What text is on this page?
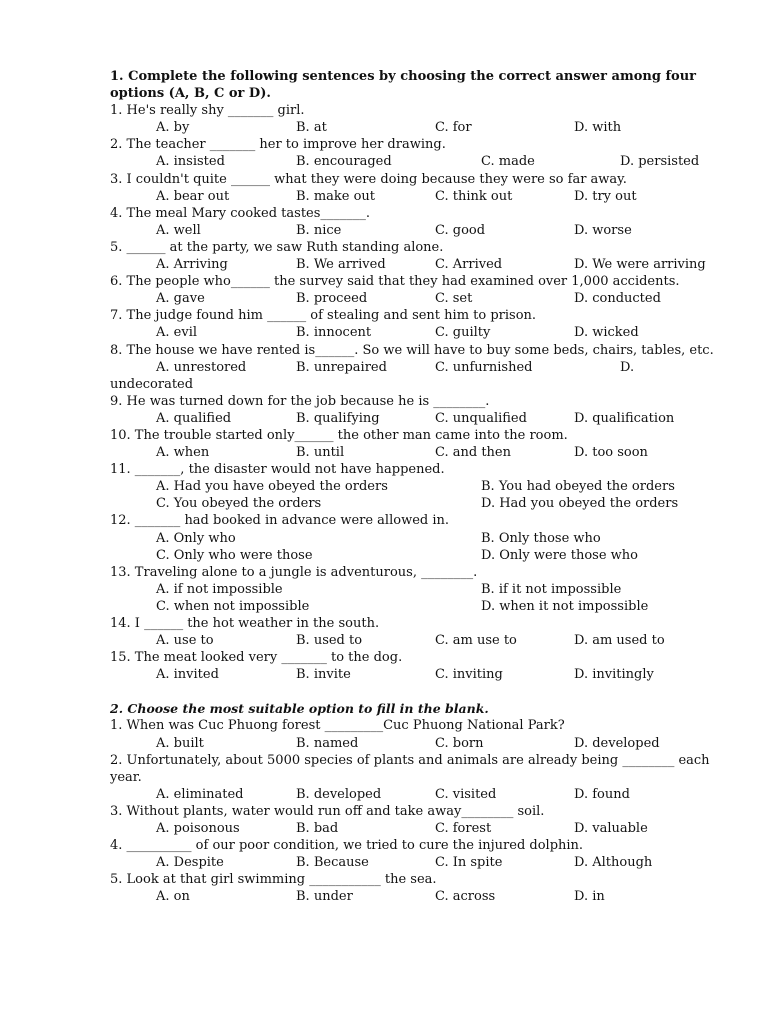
1. Complete the following sentences by choosing the correct answer among four options (A, B, C or D).
1. He's really shy _______ girl.
A. by	B. at	C. for	D. with
2. The teacher _______ her to improve her drawing.
A. insisted	B. encouraged	C. made	D. persisted
3. I couldn't quite ______ what they were doing because they were so far away.
A. bear out	B. make out	C. think out	D. try out
4. The meal Mary cooked tastes_______.
A. well	B. nice	C. good	D. worse
5. ______ at the party, we saw Ruth standing alone.
A. Arriving	B. We arrived	C. Arrived	D. We were arriving
6. The people who______ the survey said that they had examined over 1,000 accidents.
A. gave	B. proceed	C. set	D. conducted
7. The judge found him ______ of stealing and sent him to prison.
A. evil	B. innocent	C. guilty	D. wicked
8. The house we have rented is______. So we will have to buy some beds, chairs, tables, etc.
A. unrestored	B. unrepaired	C. unfurnished	D.
undecorated
9. He was turned down for the job because he is ________.
A. qualified	B. qualifying	C. unqualified	D. qualification
10. The trouble started only______ the other man came into the room.
A. when	B. until	C. and then	D. too soon
11. _______, the disaster would not have happened.
A. Had you have obeyed the orders	B. You had obeyed the orders
C. You obeyed the orders	D. Had you obeyed the orders
12. _______ had booked in advance were allowed in.
A. Only who	B. Only those who
C. Only who were those	D. Only were those who
13. Traveling alone to a jungle is adventurous, ________.
A. if not impossible	B. if it not impossible
C. when not impossible	D. when it not impossible
14. I ______ the hot weather in the south.
A. use to	B. used to	C. am use to	D. am used to
15. The meat looked very _______ to the dog.
A. invited	B. invite	C. inviting	D. invitingly
2. Choose the most suitable option to fill in the blank.
1. When was Cuc Phuong forest _________Cuc Phuong National Park?
A. built	B. named	C. born	D. developed
2. Unfortunately, about 5000 species of plants and animals are already being ________ each
year.
A. eliminated	B. developed	C. visited	D. found
3. Without plants, water would run off and take away________ soil.
A. poisonous	B. bad	C. forest	D. valuable
4. __________ of our poor condition, we tried to cure the injured dolphin.
A. Despite	B. Because	C. In spite	D. Although
5. Look at that girl swimming ___________ the sea.
A. on	B. under	C. across	D. in
